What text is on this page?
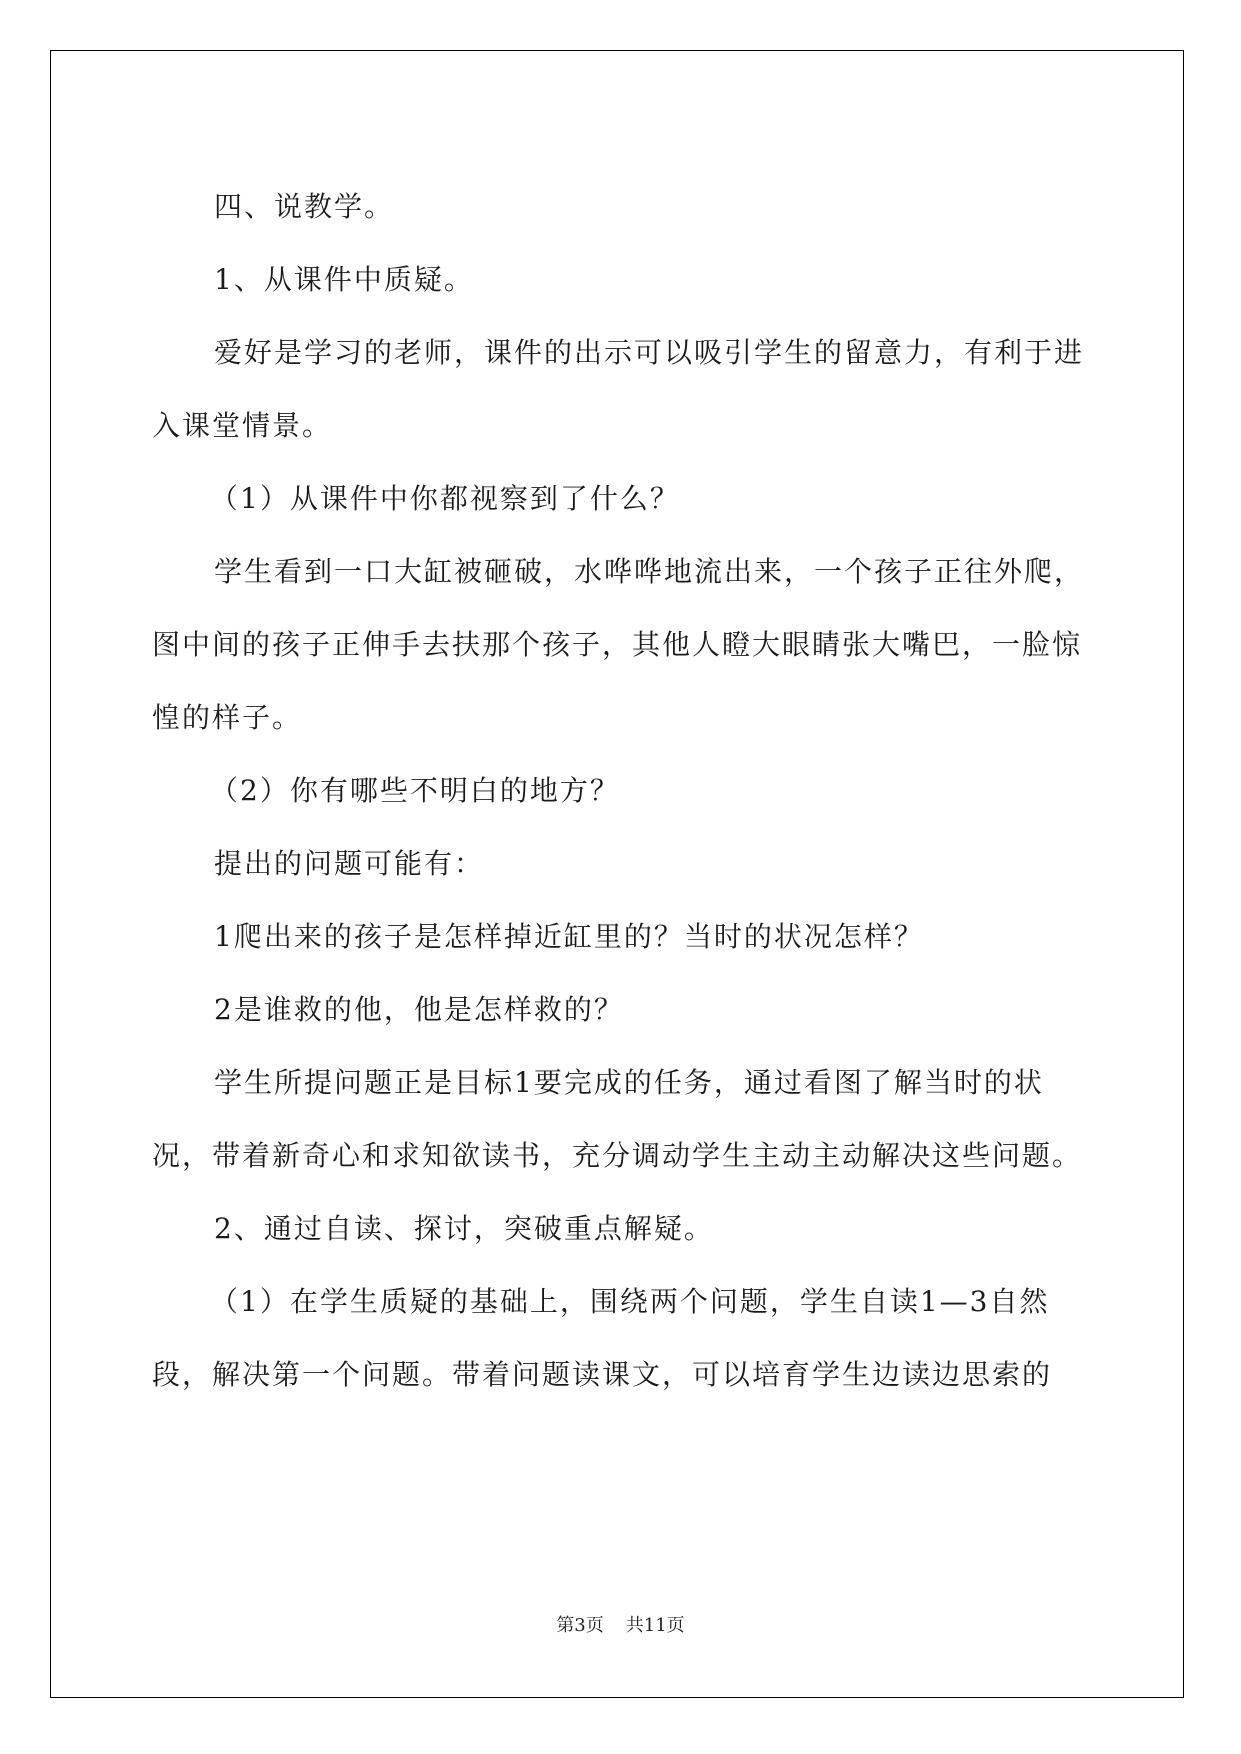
四、说教学。

1、从课件中质疑。

爱好是学习的老师，课件的出示可以吸引学生的留意力，有利于进入课堂情景。

（1）从课件中你都视察到了什么？

学生看到一口大缸被砸破，水哗哗地流出来，一个孩子正往外爬，图中间的孩子正伸手去扶那个孩子，其他人瞪大眼睛张大嘴巴，一脸惊惶的样子。

（2）你有哪些不明白的地方？

提出的问题可能有：

1爬出来的孩子是怎样掉近缸里的？当时的状况怎样？

2是谁救的他，他是怎样救的？

学生所提问题正是目标1要完成的任务，通过看图了解当时的状况，带着新奇心和求知欲读书，充分调动学生主动主动解决这些问题。

2、通过自读、探讨，突破重点解疑。

（1）在学生质疑的基础上，围绕两个问题，学生自读1—3自然段，解决第一个问题。带着问题读课文，可以培育学生边读边思索的

第3页 共11页
